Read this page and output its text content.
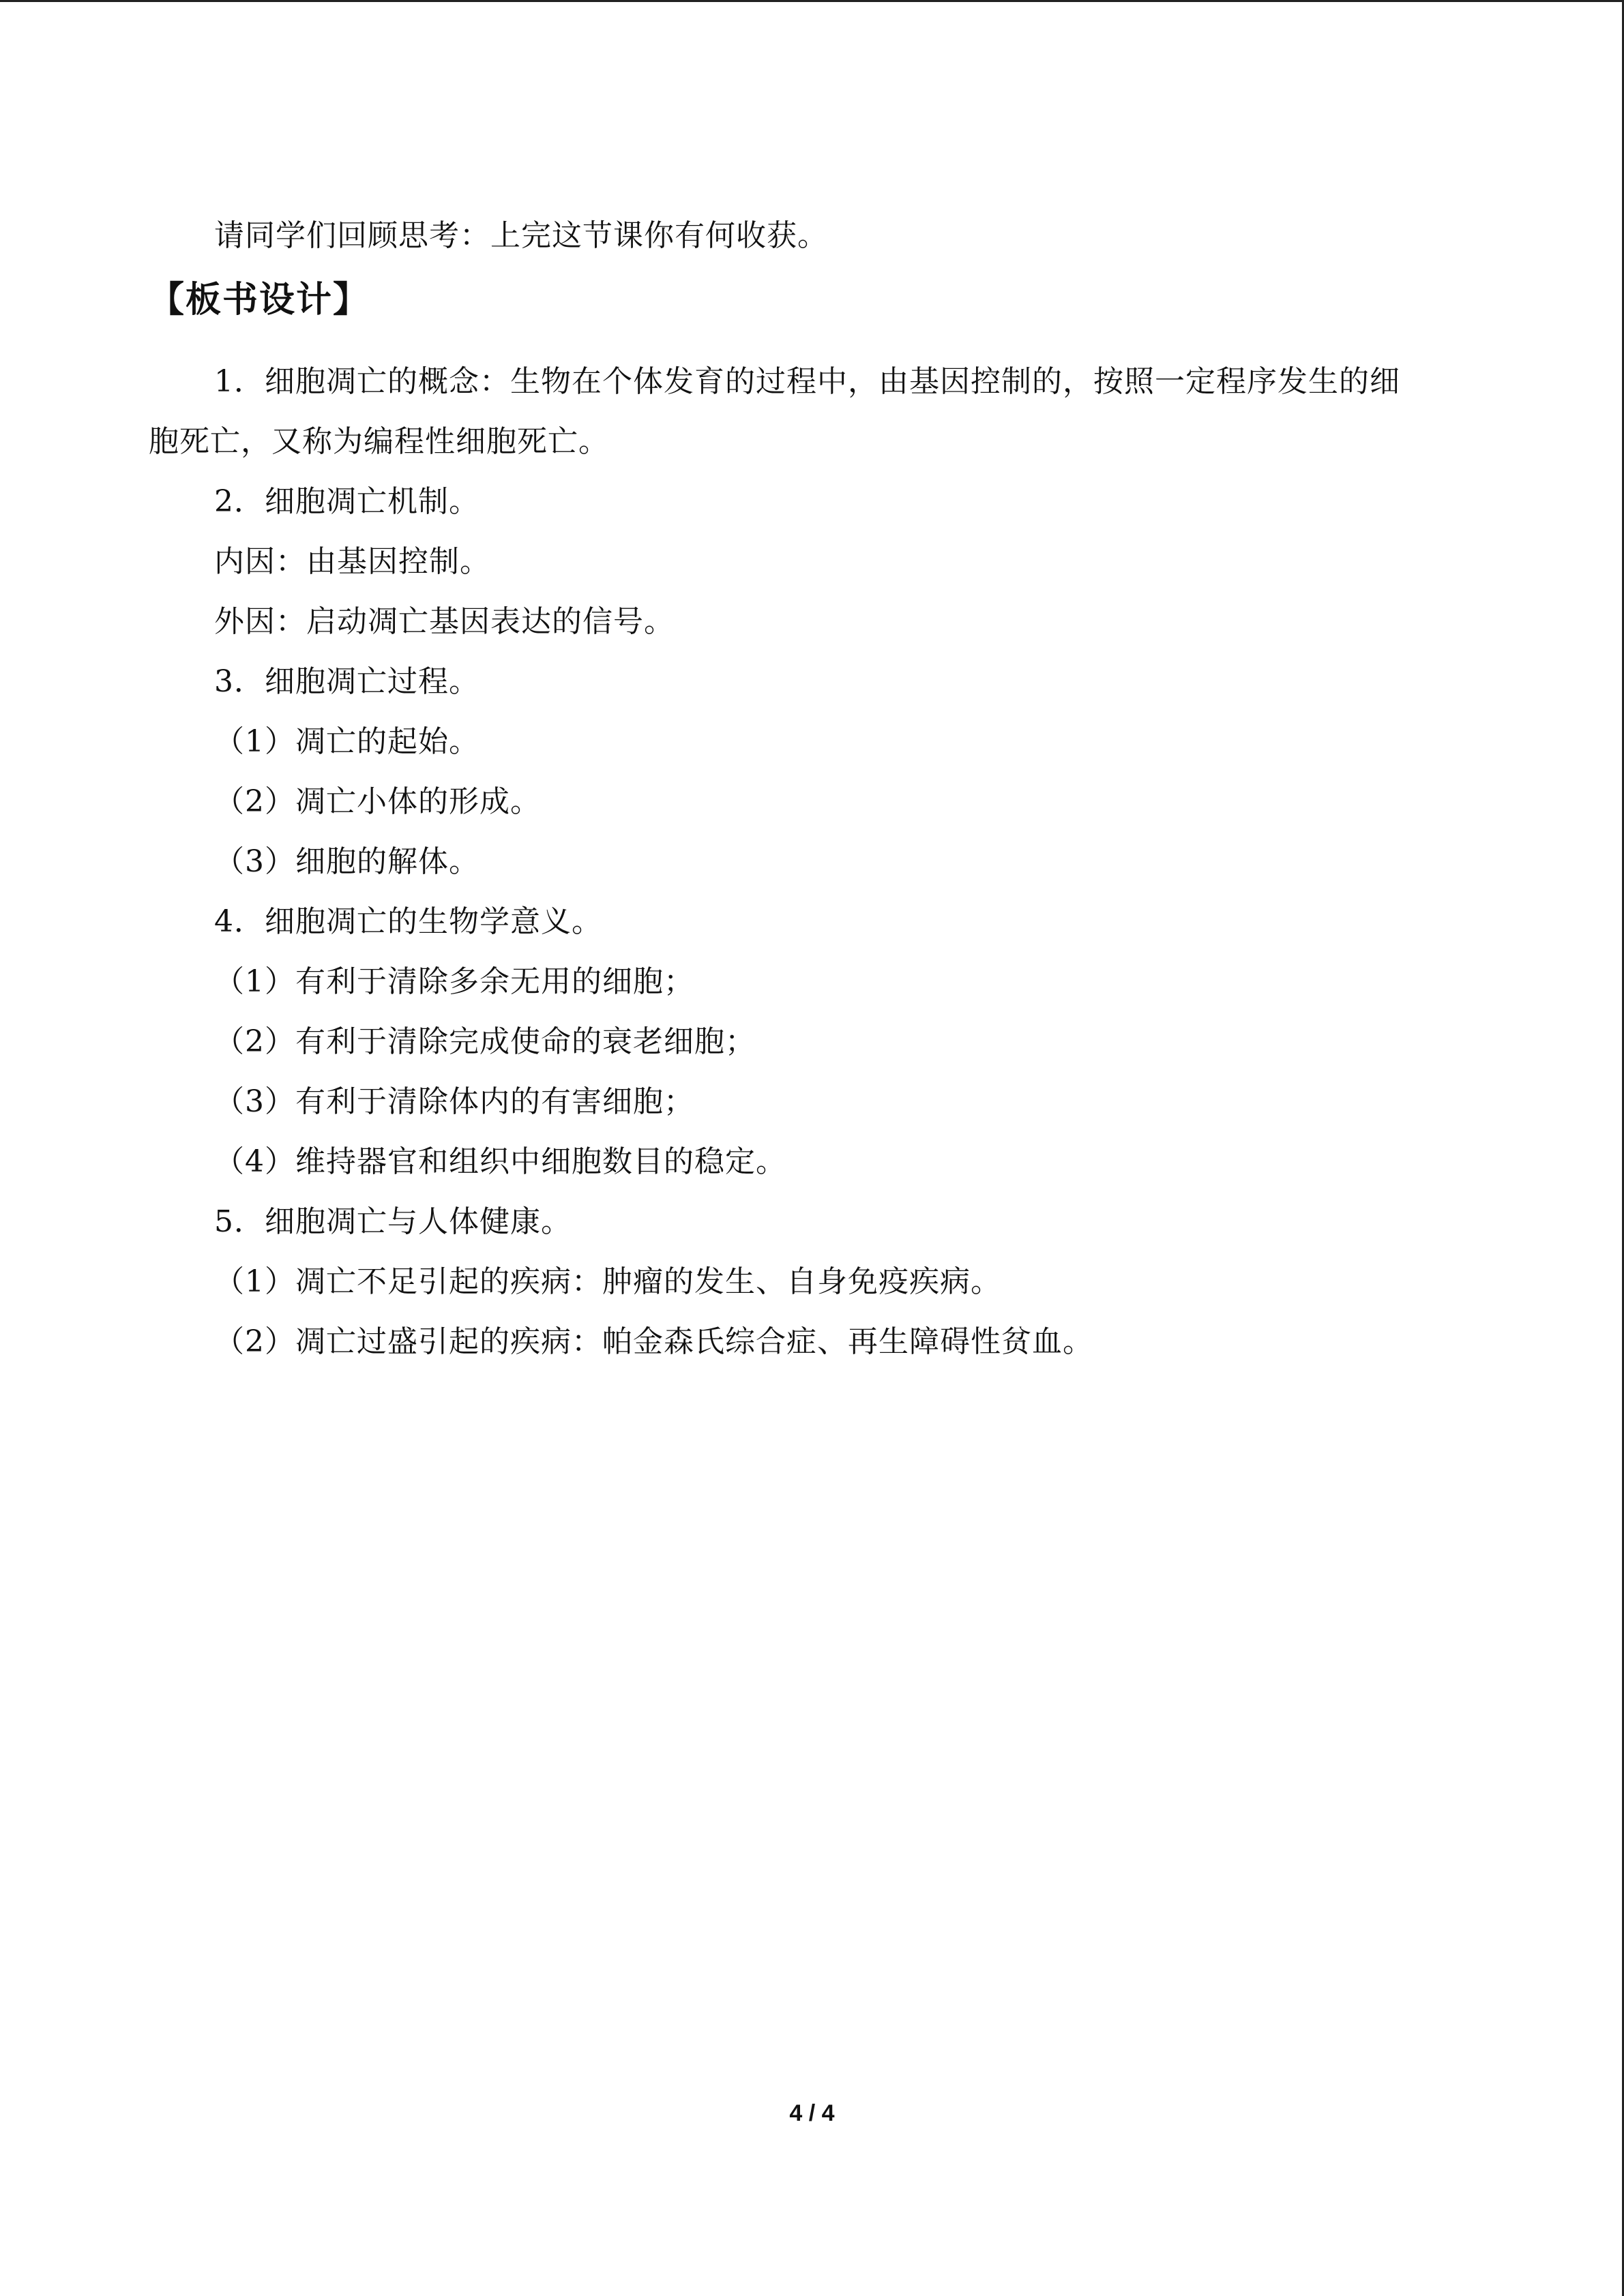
请同学们回顾思考：上完这节课你有何收获。
【板书设计】
1．细胞凋亡的概念：生物在个体发育的过程中，由基因控制的，按照一定程序发生的细
胞死亡，又称为编程性细胞死亡。
2．细胞凋亡机制。
内因：由基因控制。
外因：启动凋亡基因表达的信号。
3．细胞凋亡过程。
（1）凋亡的起始。
（2）凋亡小体的形成。
（3）细胞的解体。
4．细胞凋亡的生物学意义。
（1）有利于清除多余无用的细胞；
（2）有利于清除完成使命的衰老细胞；
（3）有利于清除体内的有害细胞；
（4）维持器官和组织中细胞数目的稳定。
5．细胞凋亡与人体健康。
（1）凋亡不足引起的疾病：肿瘤的发生、自身免疫疾病。
（2）凋亡过盛引起的疾病：帕金森氏综合症、再生障碍性贫血。
4 / 4
